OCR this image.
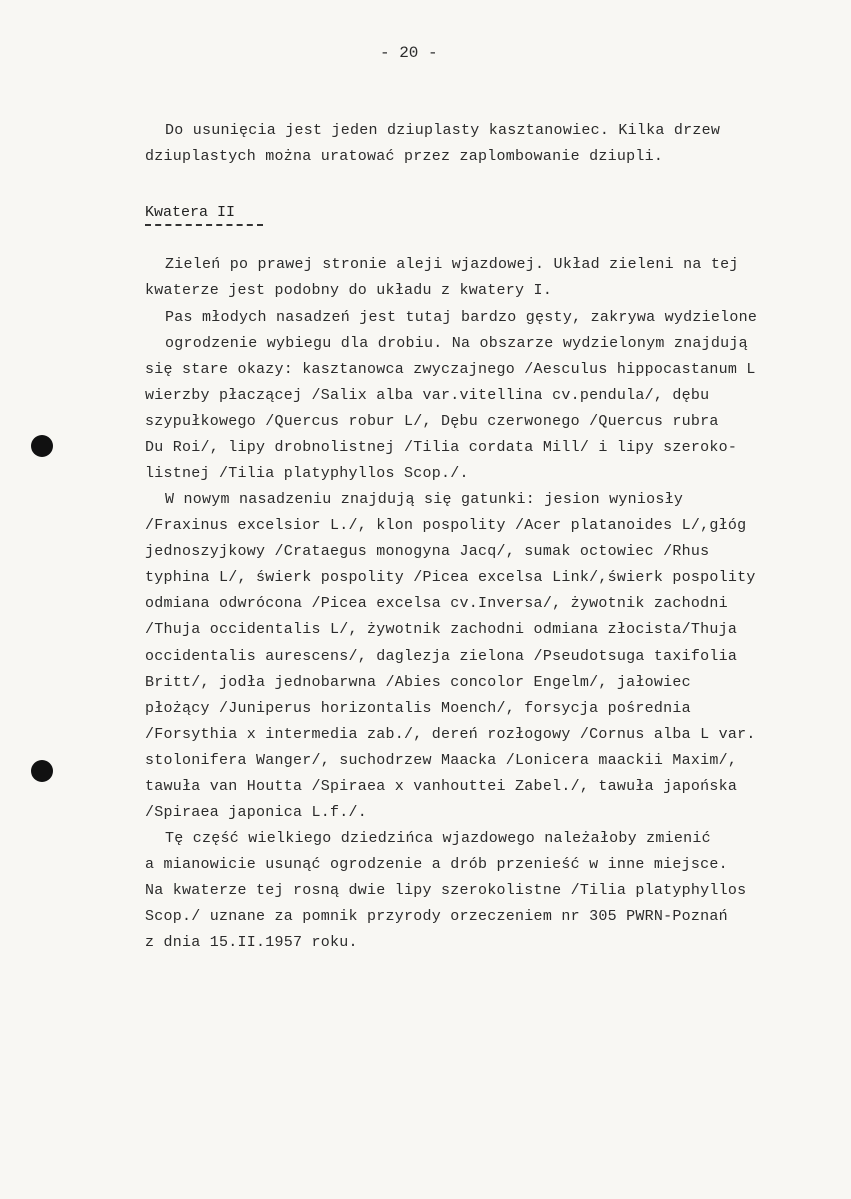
- 20 -
Do usunięcia jest jeden dziuplasty kasztanowiec. Kilka drzew
dziuplastych można uratować przez zaplombowanie dziupli.
Kwatera II
Zieleń po prawej stronie aleji wjazdowej. Układ zieleni na tej
kwaterze jest podobny do układu z kwatery I.
Pas młodych nasadzeń jest tutaj bardzo gęsty, zakrywa wydzielone
ogrodzenie wybiegu dla drobiu. Na obszarze wydzielonym znajdują
się stare okazy: kasztanowca zwyczajnego /Aesculus hippocastanum L
wierzby płaczącej /Salix alba var.vitellina cv.pendula/, dębu
szypułkowego /Quercus robur L/, Dębu czerwonego /Quercus rubra
Du Roi/, lipy drobnolistnej /Tilia cordata Mill/ i lipy szeroko-
listnej /Tilia platyphyllos Scop./.
W nowym nasadzeniu znajdują się gatunki: jesion wyniosły
/Fraxinus excelsior L./, klon pospolity /Acer platanoides L/,głóg
jednoszyjkowy /Crataegus monogyna Jacq/, sumak octowiec /Rhus
typhina L/, świerk pospolity /Picea excelsa Link/,świerk pospolity
odmiana odwrócona /Picea excelsa cv.Inversa/, żywotnik zachodni
/Thuja occidentalis L/, żywotnik zachodni odmiana złocista/Thuja
occidentalis aurescens/, daglezja zielona /Pseudotsuga taxifolia
Britt/, jodła jednobarwna /Abies concolor Engelm/, jałowiec
płożący /Juniperus horizontalis Moench/, forsycja pośrednia
/Forsythia x intermedia zab./, dereń rozłogowy /Cornus alba L var.
stolonifera Wanger/, suchodrzew Maacka /Lonicera maackii Maxim/,
tawuła van Houtta /Spiraea x vanhouttei Zabel./, tawuła japońska
/Spiraea japonica L.f./.
Tę część wielkiego dziedzińca wjazdowego należałoby zmienić
a mianowicie usunąć ogrodzenie a drób przenieść w inne miejsce.
Na kwaterze tej rosną dwie lipy szerokolistne /Tilia platyphyllos
Scop./ uznane za pomnik przyrody orzeczeniem nr 305 PWRN-Poznań
z dnia 15.II.1957 roku.
